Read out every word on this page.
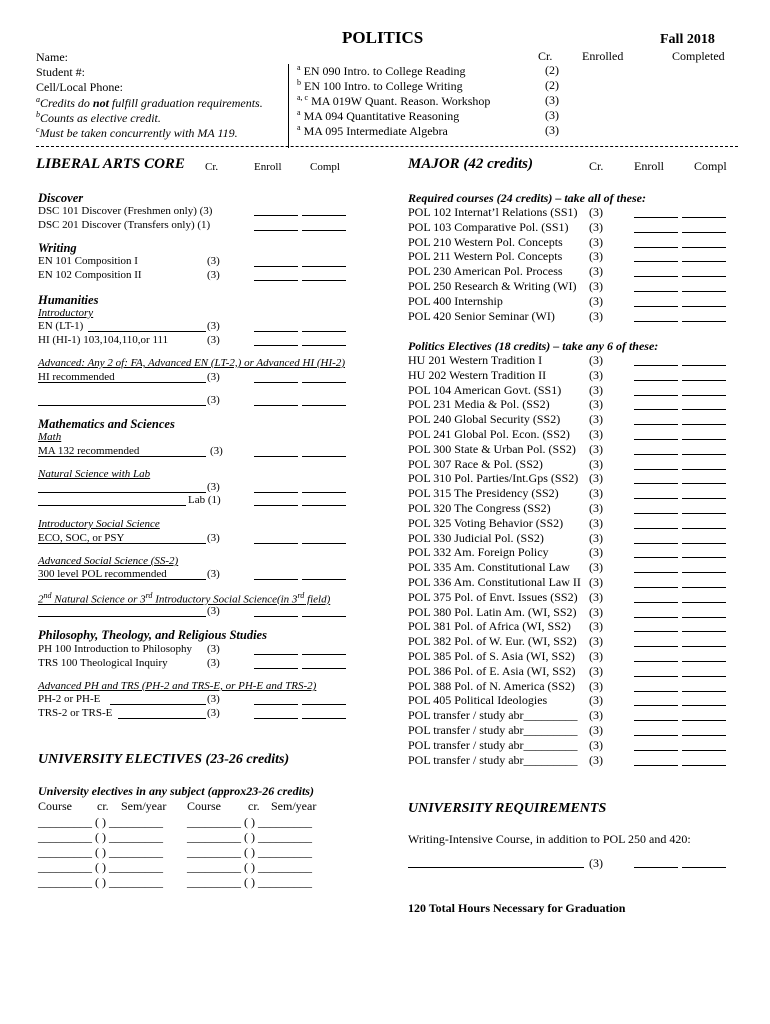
POLITICS	Fall 2018
Cr. Enrolled	Completed
Name:
Student #:
Cell/Local Phone:
$^a$Credits do not fulfill graduation requirements.
$^b$Counts as elective credit.
$^c$Must be taken concurrently with MA 119.
$^a$ EN 090 Intro. to College Reading	(2)
$^b$ EN 100 Intro. to College Writing	(2)
$^{a, c}$ MA 019W Quant. Reason. Workshop	(3)
$^a$ MA 094 Quantitative Reasoning	(3)
$^a$ MA 095 Intermediate Algebra	(3)
LIBERAL ARTS CORE Cr.	Enroll	Compl
Discover
DSC 101 Discover (Freshmen only) (3)
DSC 201 Discover (Transfers only) (1)
Writing
EN 101 Composition I	(3)
EN 102 Composition II	(3)
Humanities
Introductory
EN (LT-1)	(3)
HI (HI-1) 103,104,110,or 111	(3)
Advanced: Any 2 of: FA, Advanced EN (LT-2,) or Advanced HI (HI-2)
HI recommended	(3)
(3)
Mathematics and Sciences
Math
MA 132 recommended	(3)
Natural Science with Lab
(3)
Lab (1)
Introductory Social Science
ECO, SOC, or PSY	(3)
Advanced Social Science (SS-2)
300 level POL recommended	(3)
2nd Natural Science or 3rd Introductory Social Science(in 3rd field)
(3)
Philosophy, Theology, and Religious Studies
PH 100 Introduction to Philosophy (3)
TRS 100 Theological Inquiry	(3)
Advanced PH and TRS (PH-2 and TRS-E, or PH-E and TRS-2)
PH-2 or PH-E	(3)
TRS-2 or TRS-E	(3)
UNIVERSITY ELECTIVES (23-26 credits)
University electives in any subject (approx23-26 credits)
Course cr. Sem/year Course cr. Sem/year
_________ ( ) _________ _________ ( ) _________
_________ ( ) _________ _________ ( ) _________
_________ ( ) _________ _________ ( ) _________
_________ ( ) _________ _________ ( ) _________
_________ ( ) _________ _________ ( ) _________
MAJOR (42 credits)	Cr.	Enroll	Compl
Required courses (24 credits) – take all of these:
POL 102 Internat’l Relations (SS1) (3)
POL 103 Comparative Pol. (SS1) (3)
POL 210 Western Pol. Concepts (3)
POL 211 Western Pol. Concepts (3)
POL 230 American Pol. Process (3)
POL 250 Research & Writing (WI) (3)
POL 400 Internship	(3)
POL 420 Senior Seminar (WI)	(3)
Politics Electives (18 credits) – take any 6 of these:
HU 201 Western Tradition I	(3)
HU 202 Western Tradition II	(3)
POL 104 American Govt. (SS1) (3)
POL 231 Media & Pol. (SS2)	(3)
POL 240 Global Security (SS2) (3)
POL 241 Global Pol. Econ. (SS2) (3)
POL 300 State & Urban Pol. (SS2) (3)
POL 307 Race & Pol. (SS2)	(3)
POL 310 Pol. Parties/Int.Gps (SS2) (3)
POL 315 The Presidency (SS2)	(3)
POL 320 The Congress (SS2)	(3)
POL 325 Voting Behavior (SS2) (3)
POL 330 Judicial Pol. (SS2)	(3)
POL 332 Am. Foreign Policy	(3)
POL 335 Am. Constitutional Law (3)
POL 336 Am. Constitutional Law II (3)
POL 375 Pol. of Envt. Issues (SS2) (3)
POL 380 Pol. Latin Am. (WI, SS2) (3)
POL 381 Pol. of Africa (WI, SS2) (3)
POL 382 Pol. of W. Eur. (WI, SS2) (3)
POL 385 Pol. of S. Asia (WI, SS2) (3)
POL 386 Pol. of E. Asia (WI, SS2) (3)
POL 388 Pol. of N. America (SS2) (3)
POL 405 Political Ideologies	(3)
POL transfer / study abr_________ (3)
POL transfer / study abr_________ (3)
POL transfer / study abr_________ (3)
POL transfer / study abr_________ (3)
UNIVERSITY REQUIREMENTS
Writing-Intensive Course, in addition to POL 250 and 420:
(3)
120 Total Hours Necessary for Graduation
